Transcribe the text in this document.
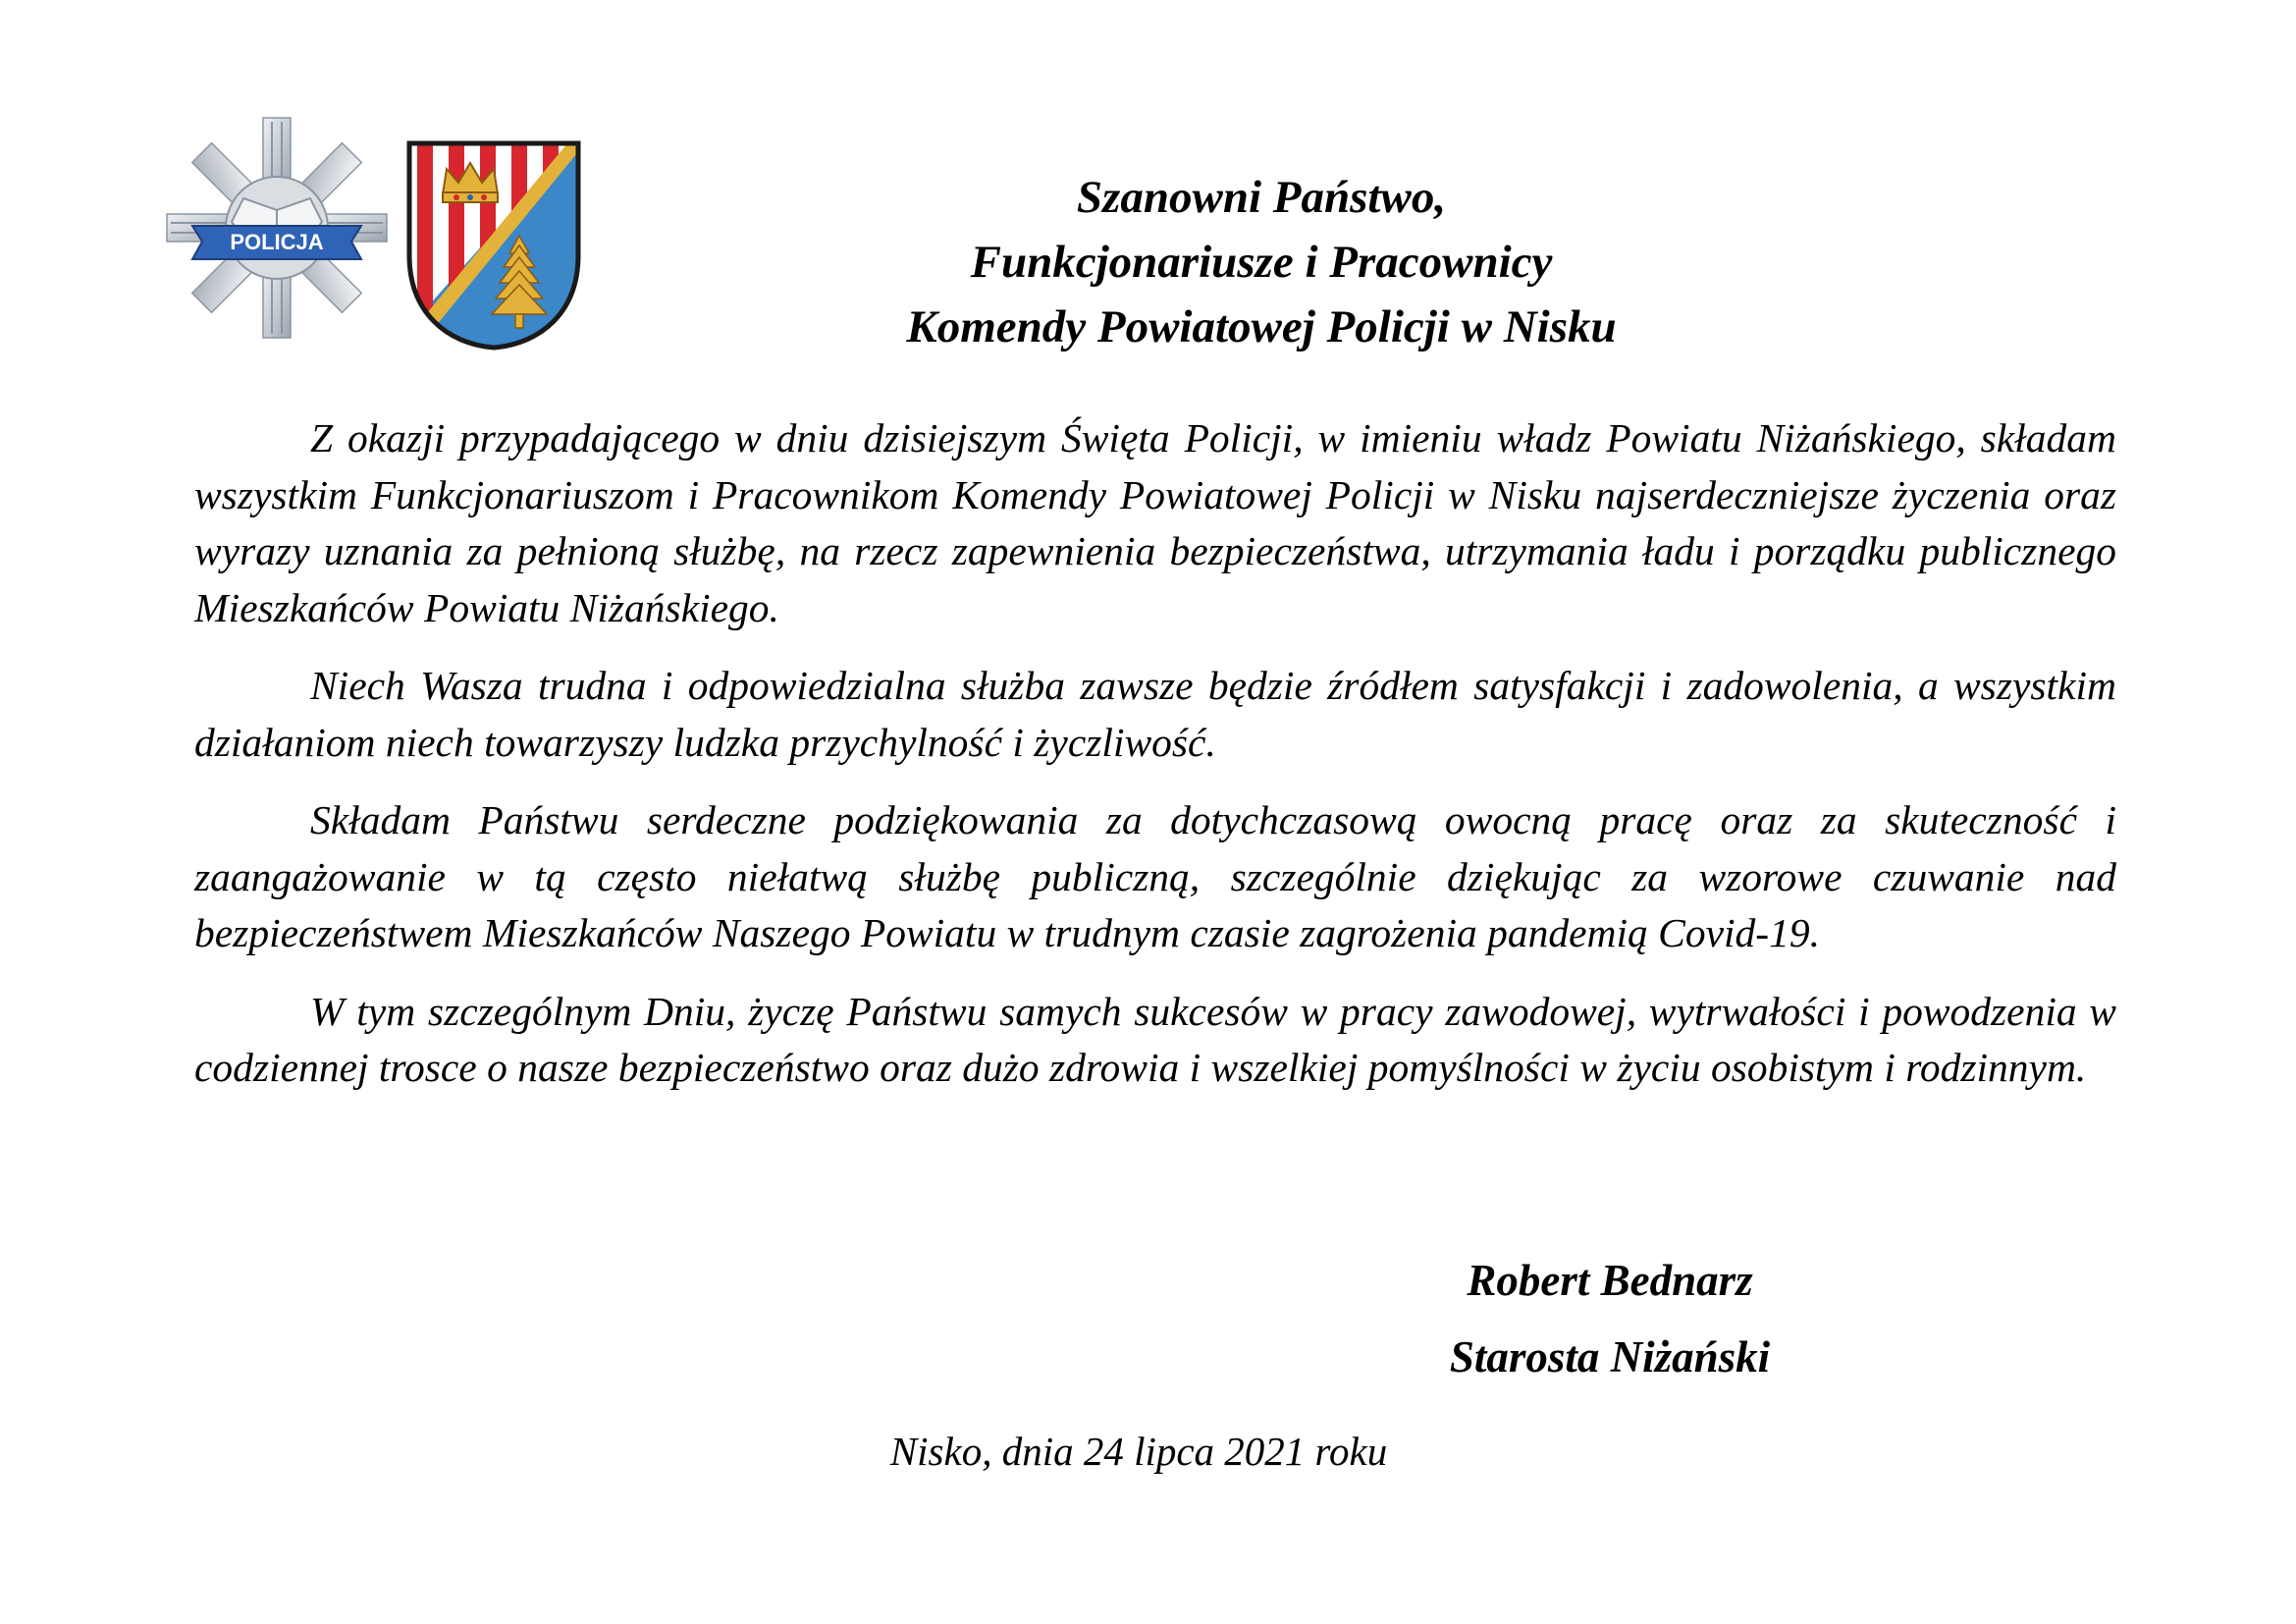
POLICJA
Szanowni Państwo,
Funkcjonariusze i Pracownicy
Komendy Powiatowej Policji w Nisku

Z okazji przypadającego w dniu dzisiejszym Święta Policji, w imieniu władz Powiatu Niżańskiego, składam wszystkim Funkcjonariuszom i Pracownikom Komendy Powiatowej Policji w Nisku najserdeczniejsze życzenia oraz wyrazy uznania za pełnioną służbę, na rzecz zapewnienia bezpieczeństwa, utrzymania ładu i porządku publicznego Mieszkańców Powiatu Niżańskiego.

Niech Wasza trudna i odpowiedzialna służba zawsze będzie źródłem satysfakcji i zadowolenia, a wszystkim działaniom niech towarzyszy ludzka przychylność i życzliwość.

Składam Państwu serdeczne podziękowania za dotychczasową owocną pracę oraz za skuteczność i zaangażowanie w tą często niełatwą służbę publiczną, szczególnie dziękując za wzorowe czuwanie nad bezpieczeństwem Mieszkańców Naszego Powiatu w trudnym czasie zagrożenia pandemią Covid-19.

W tym szczególnym Dniu, życzę Państwu samych sukcesów w pracy zawodowej, wytrwałości i powodzenia w codziennej trosce o nasze bezpieczeństwo oraz dużo zdrowia i wszelkiej pomyślności w życiu osobistym i rodzinnym.

Robert Bednarz
Starosta Niżański
Nisko, dnia 24 lipca 2021 roku
